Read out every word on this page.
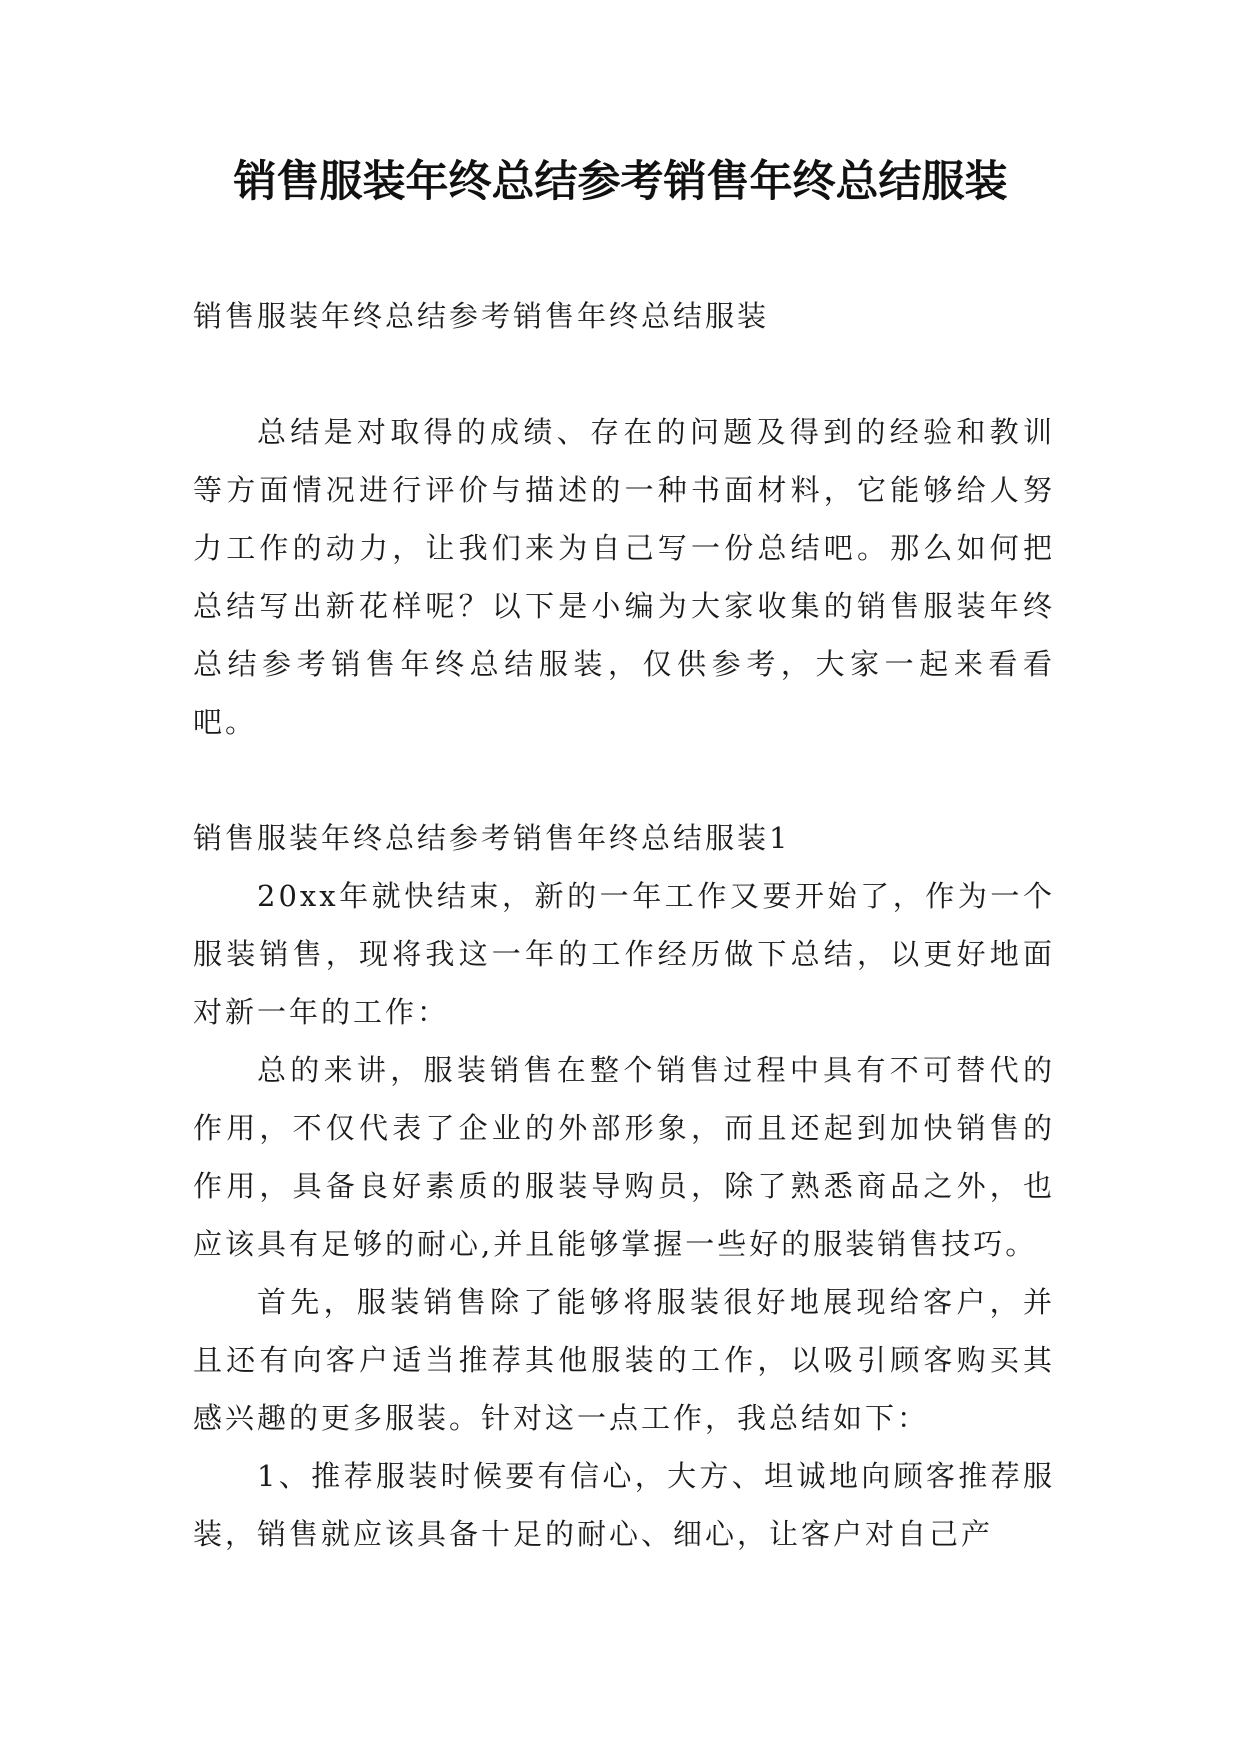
销售服装年终总结参考销售年终总结服装

销售服装年终总结参考销售年终总结服装

总结是对取得的成绩、存在的问题及得到的经验和教训等方面情况进行评价与描述的一种书面材料，它能够给人努力工作的动力，让我们来为自己写一份总结吧。那么如何把总结写出新花样呢？以下是小编为大家收集的销售服装年终总结参考销售年终总结服装，仅供参考，大家一起来看看吧。

销售服装年终总结参考销售年终总结服装1

20xx年就快结束，新的一年工作又要开始了，作为一个服装销售，现将我这一年的工作经历做下总结，以更好地面对新一年的工作：

总的来讲，服装销售在整个销售过程中具有不可替代的作用，不仅代表了企业的外部形象，而且还起到加快销售的作用，具备良好素质的服装导购员，除了熟悉商品之外，也应该具有足够的耐心,并且能够掌握一些好的服装销售技巧。

首先，服装销售除了能够将服装很好地展现给客户，并且还有向客户适当推荐其他服装的工作，以吸引顾客购买其感兴趣的更多服装。针对这一点工作，我总结如下：

1、推荐服装时候要有信心，大方、坦诚地向顾客推荐服装，销售就应该具备十足的耐心、细心，让客户对自己产
